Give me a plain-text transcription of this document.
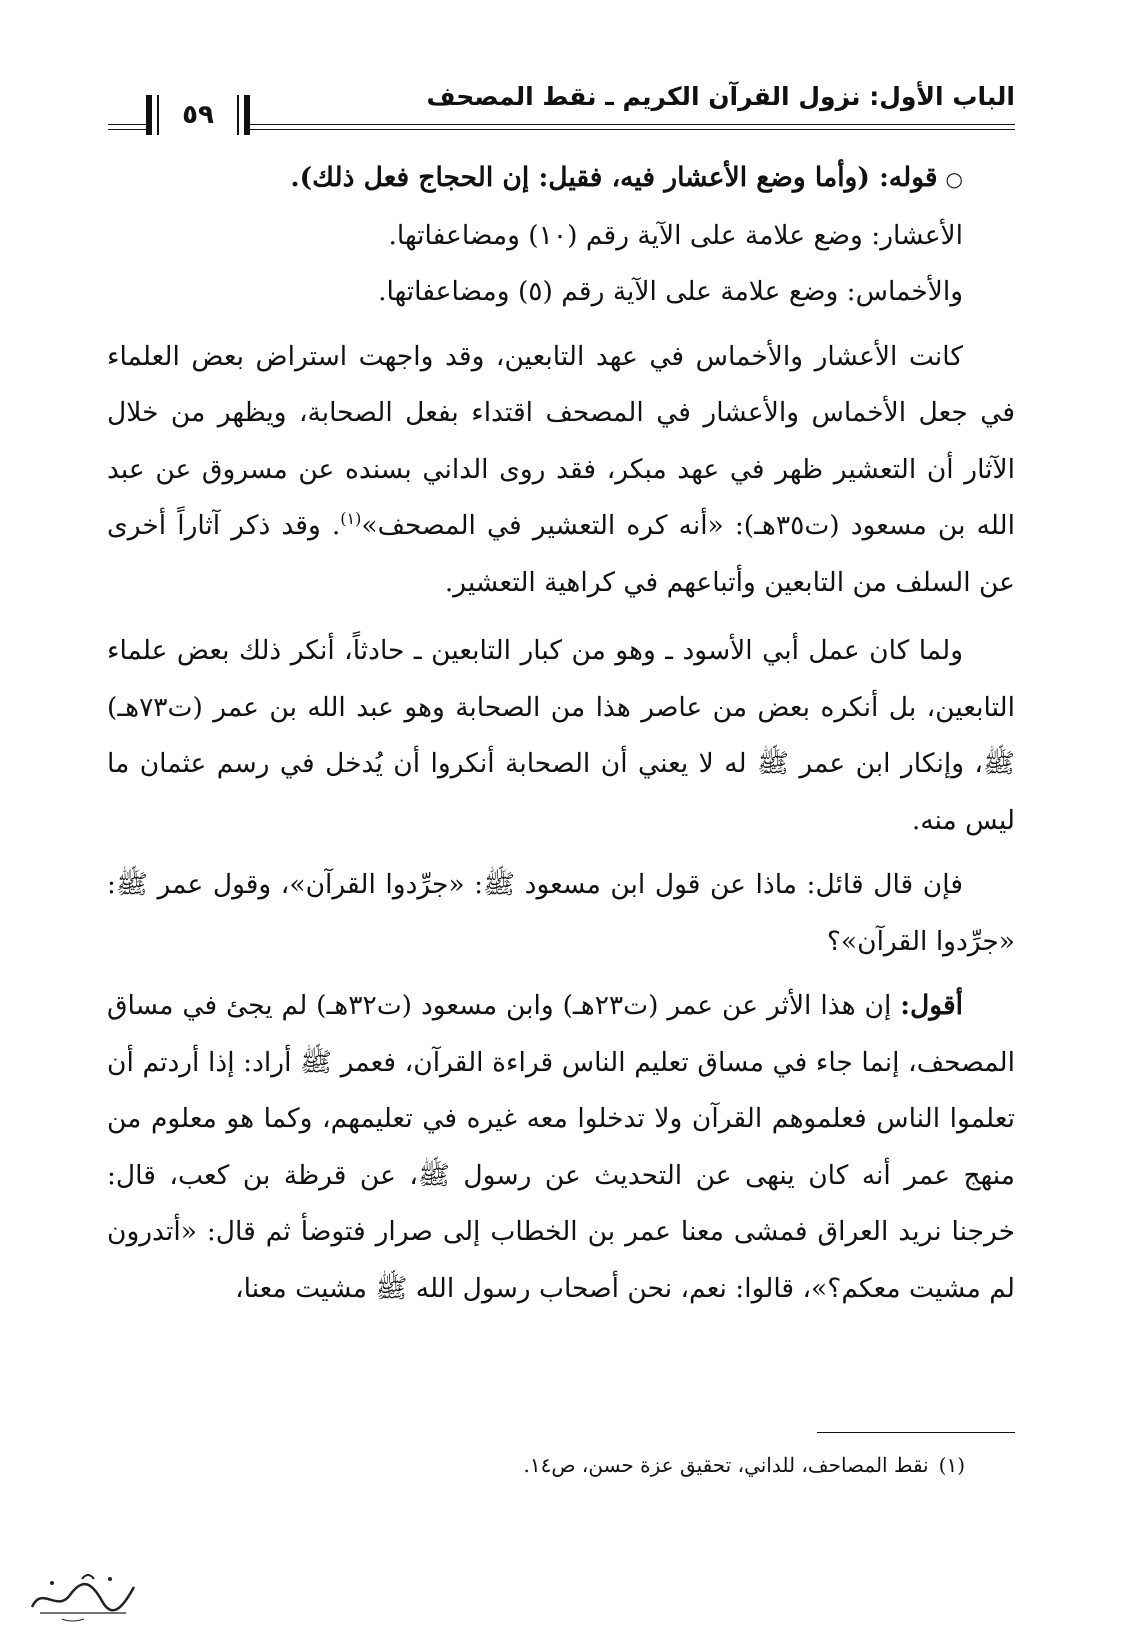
الباب الأول: نزول القرآن الكريم ـ نقط المصحف
٥٩

○قوله: (وأما وضع الأعشار فيه، فقيل: إن الحجاج فعل ذلك).

الأعشار: وضع علامة على الآية رقم (١٠) ومضاعفاتها.

والأخماس: وضع علامة على الآية رقم (٥) ومضاعفاتها.

كانت الأعشار والأخماس في عهد التابعين، وقد واجهت استراض بعض العلماء في جعل الأخماس والأعشار في المصحف اقتداء بفعل الصحابة، ويظهر من خلال الآثار أن التعشير ظهر في عهد مبكر، فقد روى الداني بسنده عن مسروق عن عبد الله بن مسعود (ت٣٥هـ): «أنه كره التعشير في المصحف»$^{(١)}$. وقد ذكر آثاراً أخرى عن السلف من التابعين وأتباعهم في كراهية التعشير.

ولما كان عمل أبي الأسود ـ وهو من كبار التابعين ـ حادثاً، أنكر ذلك بعض علماء التابعين، بل أنكره بعض من عاصر هذا من الصحابة وهو عبد الله بن عمر (ت٧٣هـ) ﷺ، وإنكار ابن عمر ﷺ له لا يعني أن الصحابة أنكروا أن يُدخل في رسم عثمان ما ليس منه.

فإن قال قائل: ماذا عن قول ابن مسعود ﷺ: «جرِّدوا القرآن»، وقول عمر ﷺ: «جرِّدوا القرآن»؟

أقول: إن هذا الأثر عن عمر (ت٢٣هـ) وابن مسعود (ت٣٢هـ) لم يجئ في مساق المصحف، إنما جاء في مساق تعليم الناس قراءة القرآن، فعمر ﷺ أراد: إذا أردتم أن تعلموا الناس فعلموهم القرآن ولا تدخلوا معه غيره في تعليمهم، وكما هو معلوم من منهج عمر أنه كان ينهى عن التحديث عن رسول ﷺ، عن قرظة بن كعب، قال: خرجنا نريد العراق فمشى معنا عمر بن الخطاب إلى صرار فتوضأ ثم قال: «أتدرون لم مشيت معكم؟»، قالوا: نعم، نحن أصحاب رسول الله ﷺ مشيت معنا،

(١)نقط المصاحف، للداني، تحقيق عزة حسن، ص١٤.
